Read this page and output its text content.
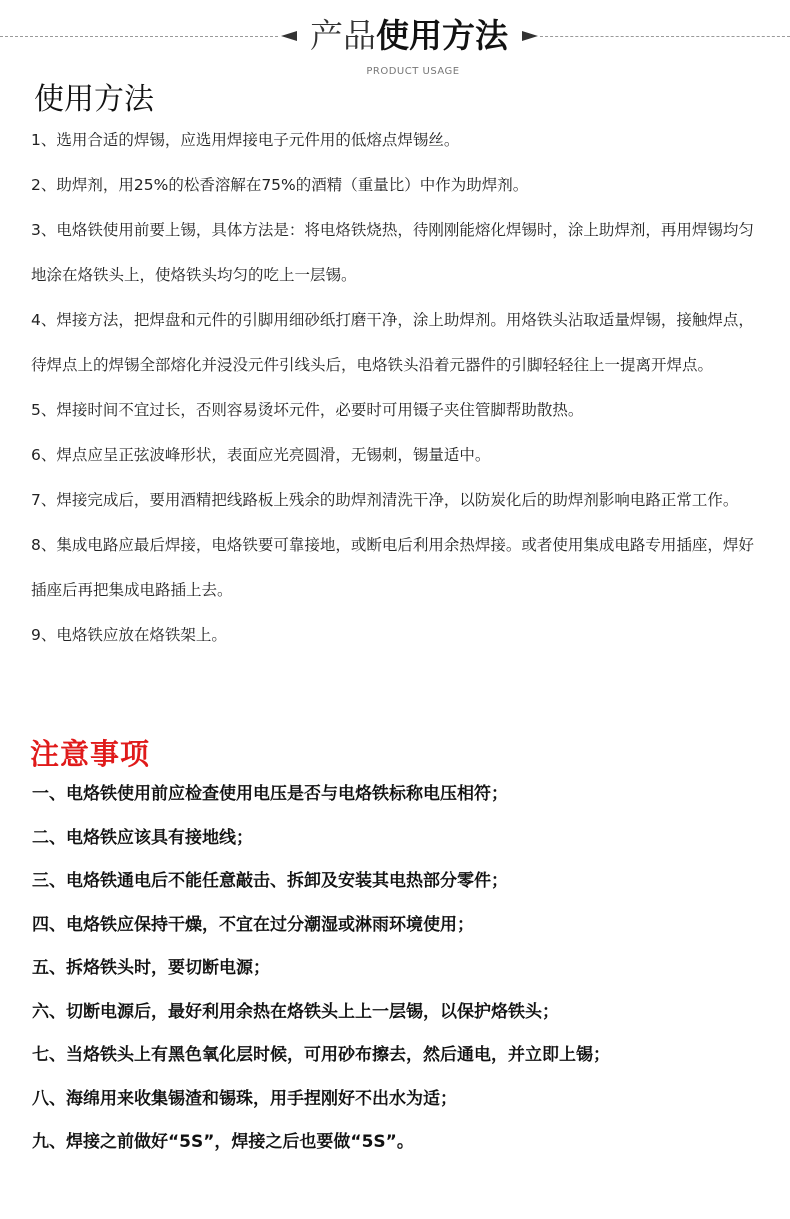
产品使用方法
PRODUCT USAGE
使用方法
1、选用合适的焊锡，应选用焊接电子元件用的低熔点焊锡丝。
2、助焊剂，用25%的松香溶解在75%的酒精（重量比）中作为助焊剂。
3、电烙铁使用前要上锡，具体方法是：将电烙铁烧热，待刚刚能熔化焊锡时，涂上助焊剂，再用焊锡均匀地涂在烙铁头上，使烙铁头均匀的吃上一层锡。
4、焊接方法，把焊盘和元件的引脚用细砂纸打磨干净，涂上助焊剂。用烙铁头沾取适量焊锡，接触焊点，待焊点上的焊锡全部熔化并浸没元件引线头后，电烙铁头沿着元器件的引脚轻轻往上一提离开焊点。
5、焊接时间不宜过长，否则容易烫坏元件，必要时可用镊子夹住管脚帮助散热。
6、焊点应呈正弦波峰形状，表面应光亮圆滑，无锡刺，锡量适中。
7、焊接完成后，要用酒精把线路板上残余的助焊剂清洗干净，以防炭化后的助焊剂影响电路正常工作。
8、集成电路应最后焊接，电烙铁要可靠接地，或断电后利用余热焊接。或者使用集成电路专用插座，焊好插座后再把集成电路插上去。
9、电烙铁应放在烙铁架上。
注意事项
一、电烙铁使用前应检查使用电压是否与电烙铁标称电压相符；
二、电烙铁应该具有接地线；
三、电烙铁通电后不能任意敲击、拆卸及安装其电热部分零件；
四、电烙铁应保持干燥，不宜在过分潮湿或淋雨环境使用；
五、拆烙铁头时，要切断电源；
六、切断电源后，最好利用余热在烙铁头上上一层锡，以保护烙铁头；
七、当烙铁头上有黑色氧化层时候，可用砂布擦去，然后通电，并立即上锡；
八、海绵用来收集锡渣和锡珠，用手捏刚好不出水为适；
九、焊接之前做好“5S”，焊接之后也要做“5S”。
